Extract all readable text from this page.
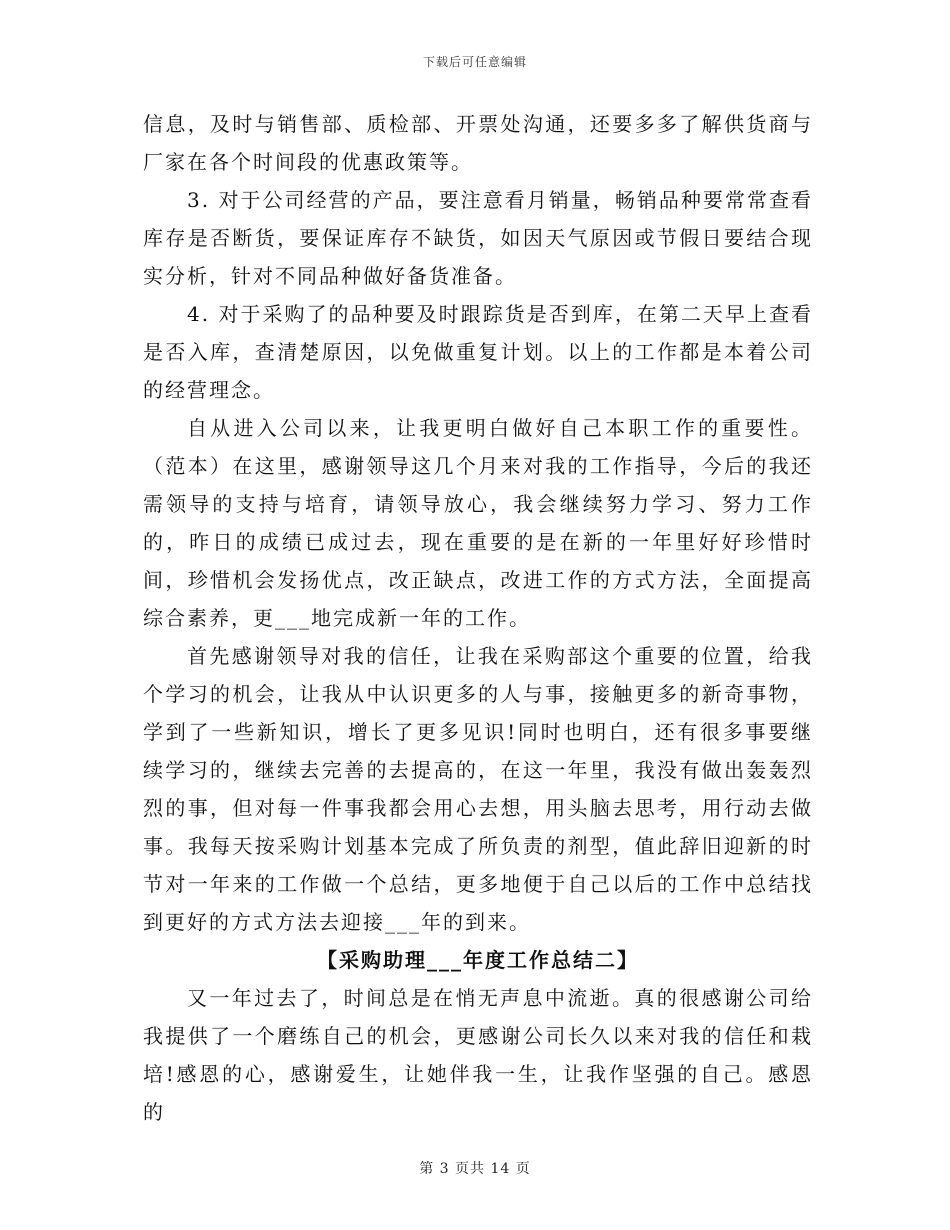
下载后可任意编辑

信息，及时与销售部、质检部、开票处沟通，还要多多了解供货商与厂家在各个时间段的优惠政策等。

3. 对于公司经营的产品，要注意看月销量，畅销品种要常常查看库存是否断货，要保证库存不缺货，如因天气原因或节假日要结合现实分析，针对不同品种做好备货准备。

4. 对于采购了的品种要及时跟踪货是否到库，在第二天早上查看是否入库，查清楚原因，以免做重复计划。以上的工作都是本着公司的经营理念。

自从进入公司以来，让我更明白做好自己本职工作的重要性。（范本）在这里，感谢领导这几个月来对我的工作指导，今后的我还需领导的支持与培育，请领导放心，我会继续努力学习、努力工作的，昨日的成绩已成过去，现在重要的是在新的一年里好好珍惜时间，珍惜机会发扬优点，改正缺点，改进工作的方式方法，全面提高综合素养，更___地完成新一年的工作。

首先感谢领导对我的信任，让我在采购部这个重要的位置，给我个学习的机会，让我从中认识更多的人与事，接触更多的新奇事物，学到了一些新知识，增长了更多见识!同时也明白，还有很多事要继续学习的，继续去完善的去提高的，在这一年里，我没有做出轰轰烈烈的事，但对每一件事我都会用心去想，用头脑去思考，用行动去做事。我每天按采购计划基本完成了所负责的剂型，值此辞旧迎新的时节对一年来的工作做一个总结，更多地便于自己以后的工作中总结找到更好的方式方法去迎接___年的到来。

【采购助理___年度工作总结二】

又一年过去了，时间总是在悄无声息中流逝。真的很感谢公司给我提供了一个磨练自己的机会，更感谢公司长久以来对我的信任和栽培!感恩的心，感谢爱生，让她伴我一生，让我作坚强的自己。感恩的

第 3 页共 14 页
